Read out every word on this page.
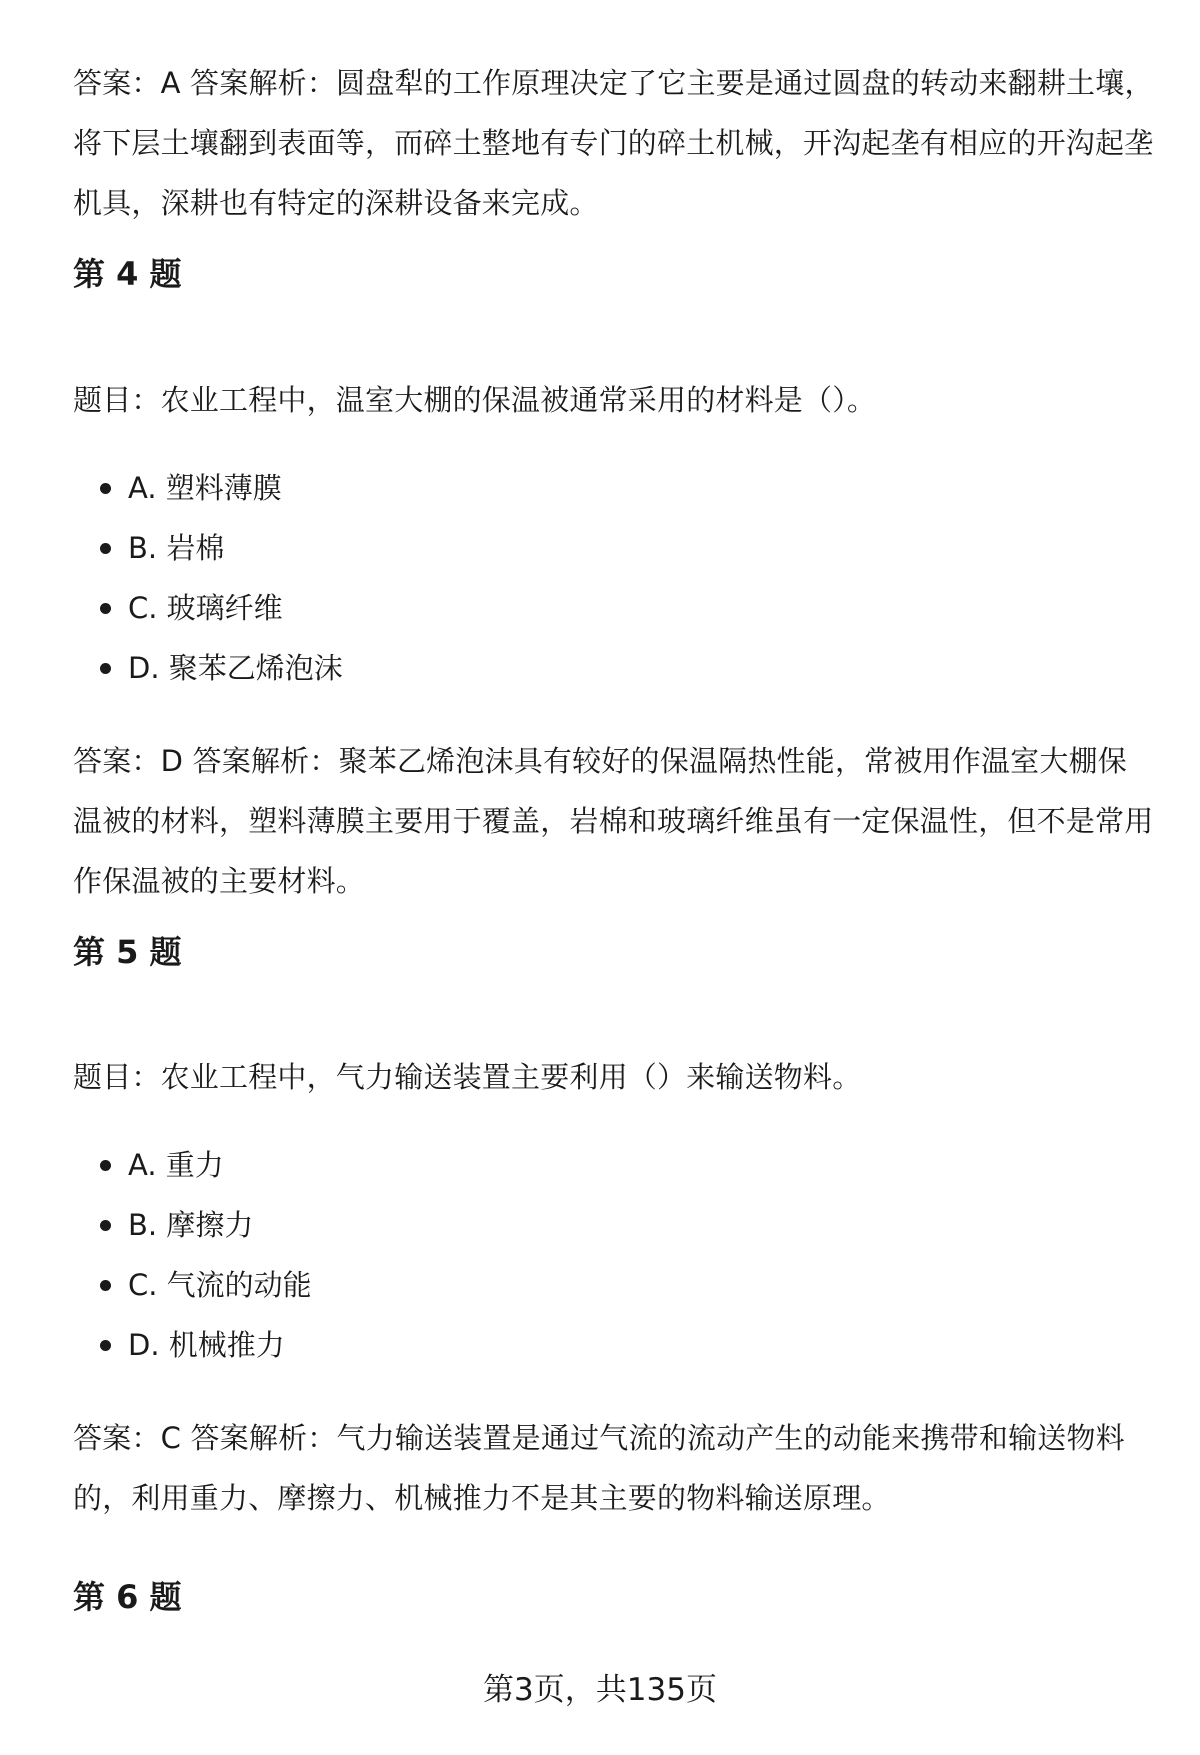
答案：A 答案解析：圆盘犁的工作原理决定了它主要是通过圆盘的转动来翻耕土壤，将下层土壤翻到表面等，而碎土整地有专门的碎土机械，开沟起垄有相应的开沟起垄机具，深耕也有特定的深耕设备来完成。

第 4 题

题目：农业工程中，温室大棚的保温被通常采用的材料是（）。

A. 塑料薄膜
B. 岩棉
C. 玻璃纤维
D. 聚苯乙烯泡沫

答案：D 答案解析：聚苯乙烯泡沫具有较好的保温隔热性能，常被用作温室大棚保温被的材料，塑料薄膜主要用于覆盖，岩棉和玻璃纤维虽有一定保温性，但不是常用作保温被的主要材料。

第 5 题

题目：农业工程中，气力输送装置主要利用（）来输送物料。

A. 重力
B. 摩擦力
C. 气流的动能
D. 机械推力

答案：C 答案解析：气力输送装置是通过气流的流动产生的动能来携带和输送物料的，利用重力、摩擦力、机械推力不是其主要的物料输送原理。

第 6 题
第3页，共135页
